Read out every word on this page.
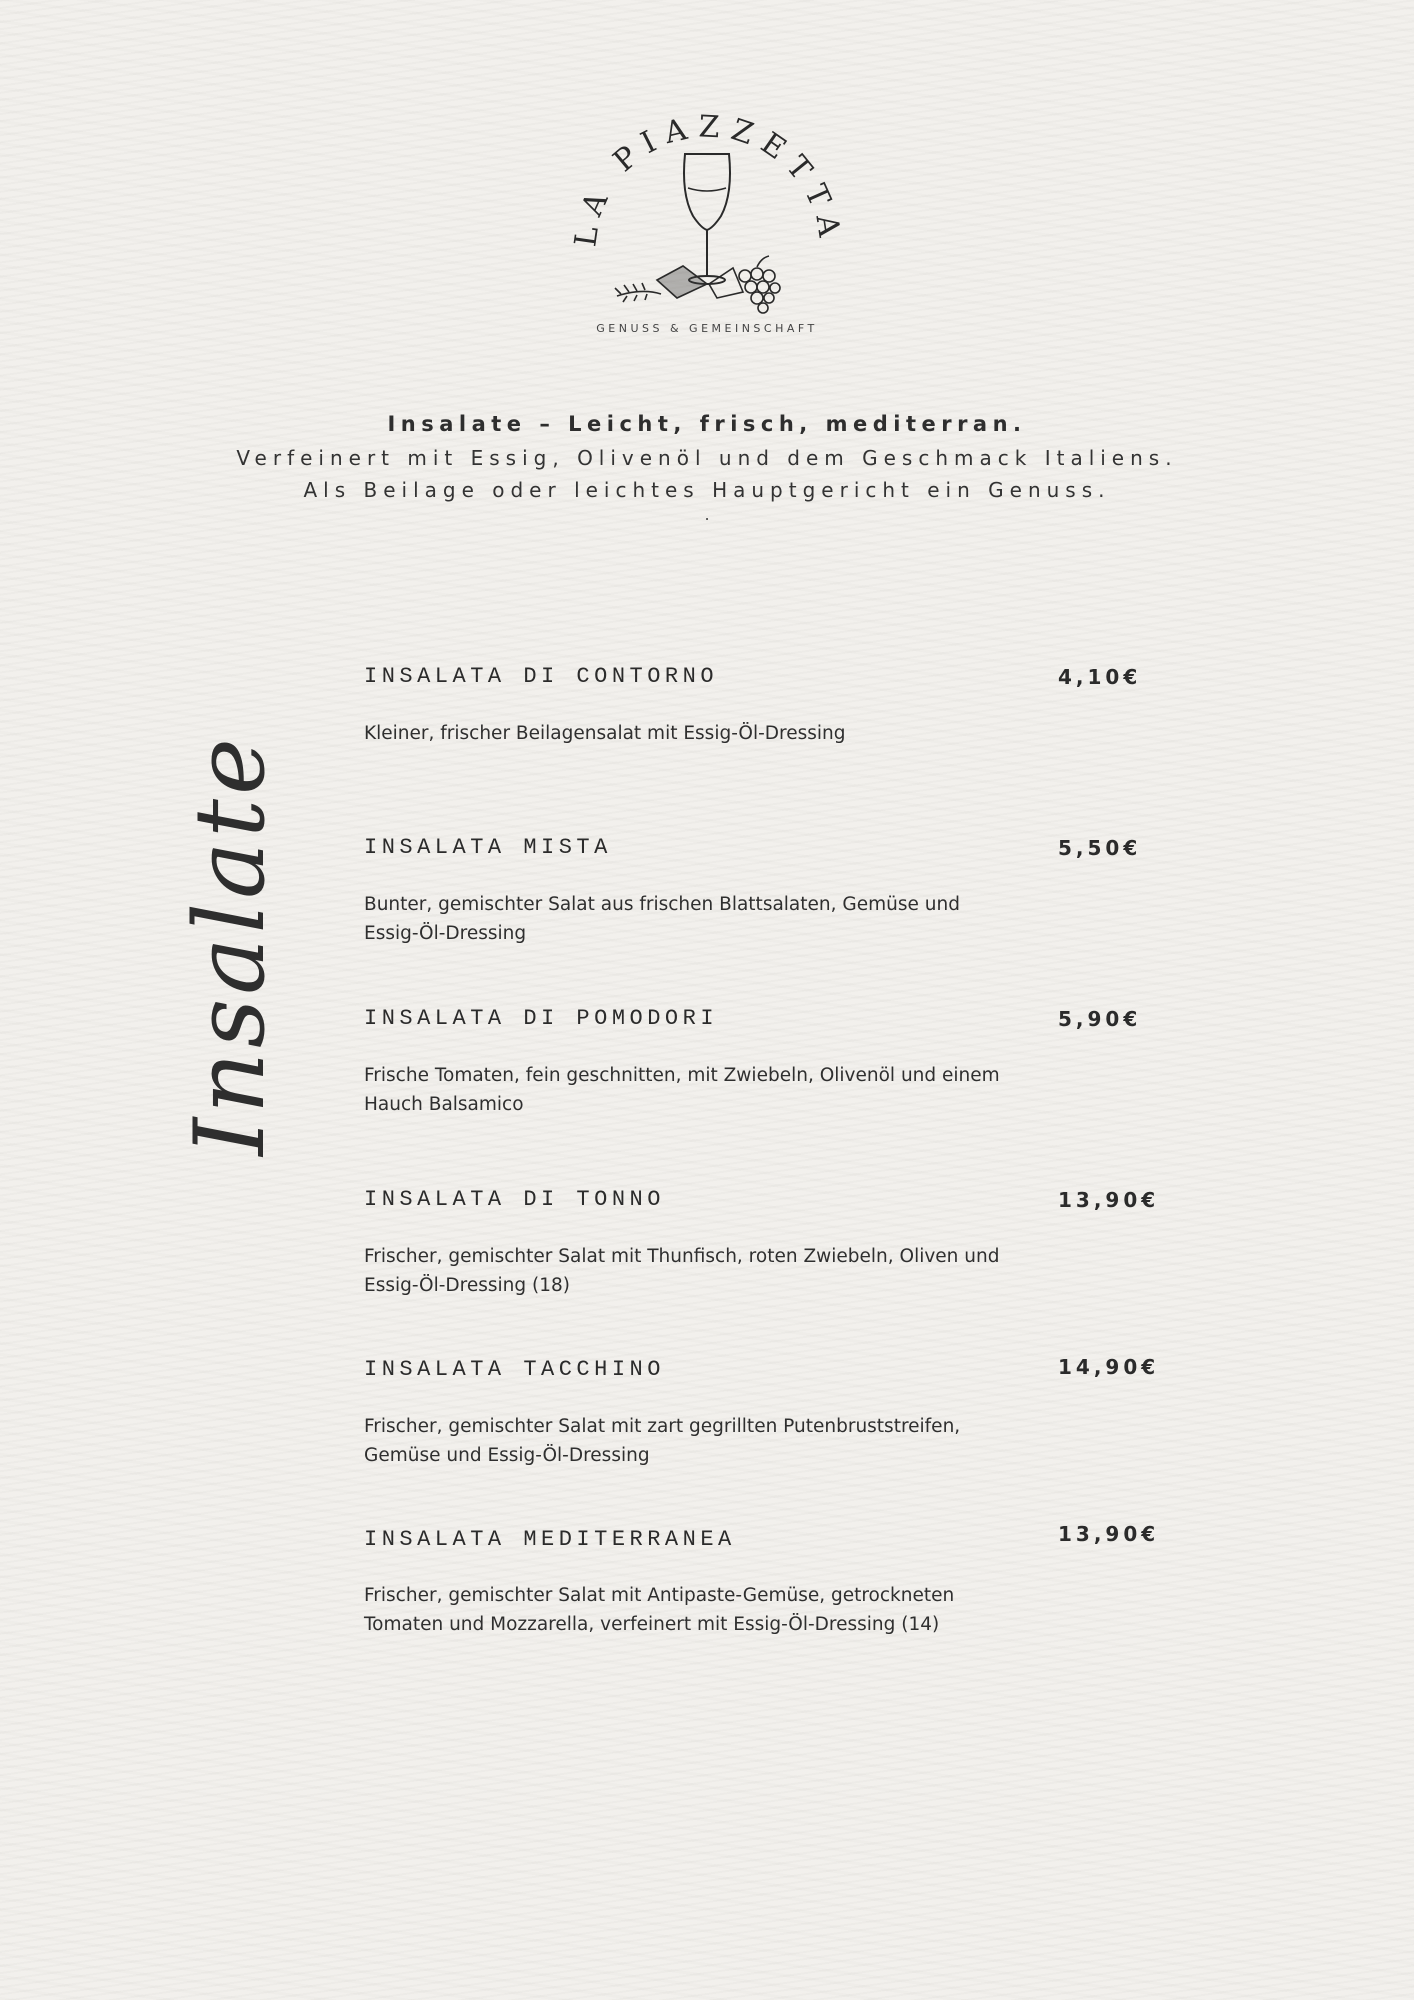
LA PIAZZETTA
GENUSS & GEMEINSCHAFT
Insalate – Leicht, frisch, mediterran.
Verfeinert mit Essig, Olivenöl und dem Geschmack Italiens.
Als Beilage oder leichtes Hauptgericht ein Genuss.
.
Insalate
INSALATA DI CONTORNO	4,10€
Kleiner, frischer Beilagensalat mit Essig-Öl-Dressing
INSALATA MISTA	5,50€
Bunter, gemischter Salat aus frischen Blattsalaten, Gemüse und Essig-Öl-Dressing
INSALATA DI POMODORI	5,90€
Frische Tomaten, fein geschnitten, mit Zwiebeln, Olivenöl und einem Hauch Balsamico
INSALATA DI TONNO	13,90€
Frischer, gemischter Salat mit Thunfisch, roten Zwiebeln, Oliven und Essig-Öl-Dressing (18)
INSALATA TACCHINO	14,90€
Frischer, gemischter Salat mit zart gegrillten Putenbruststreifen, Gemüse und Essig-Öl-Dressing
INSALATA MEDITERRANEA	13,90€
Frischer, gemischter Salat mit Antipaste-Gemüse, getrockneten Tomaten und Mozzarella, verfeinert mit Essig-Öl-Dressing (14)
